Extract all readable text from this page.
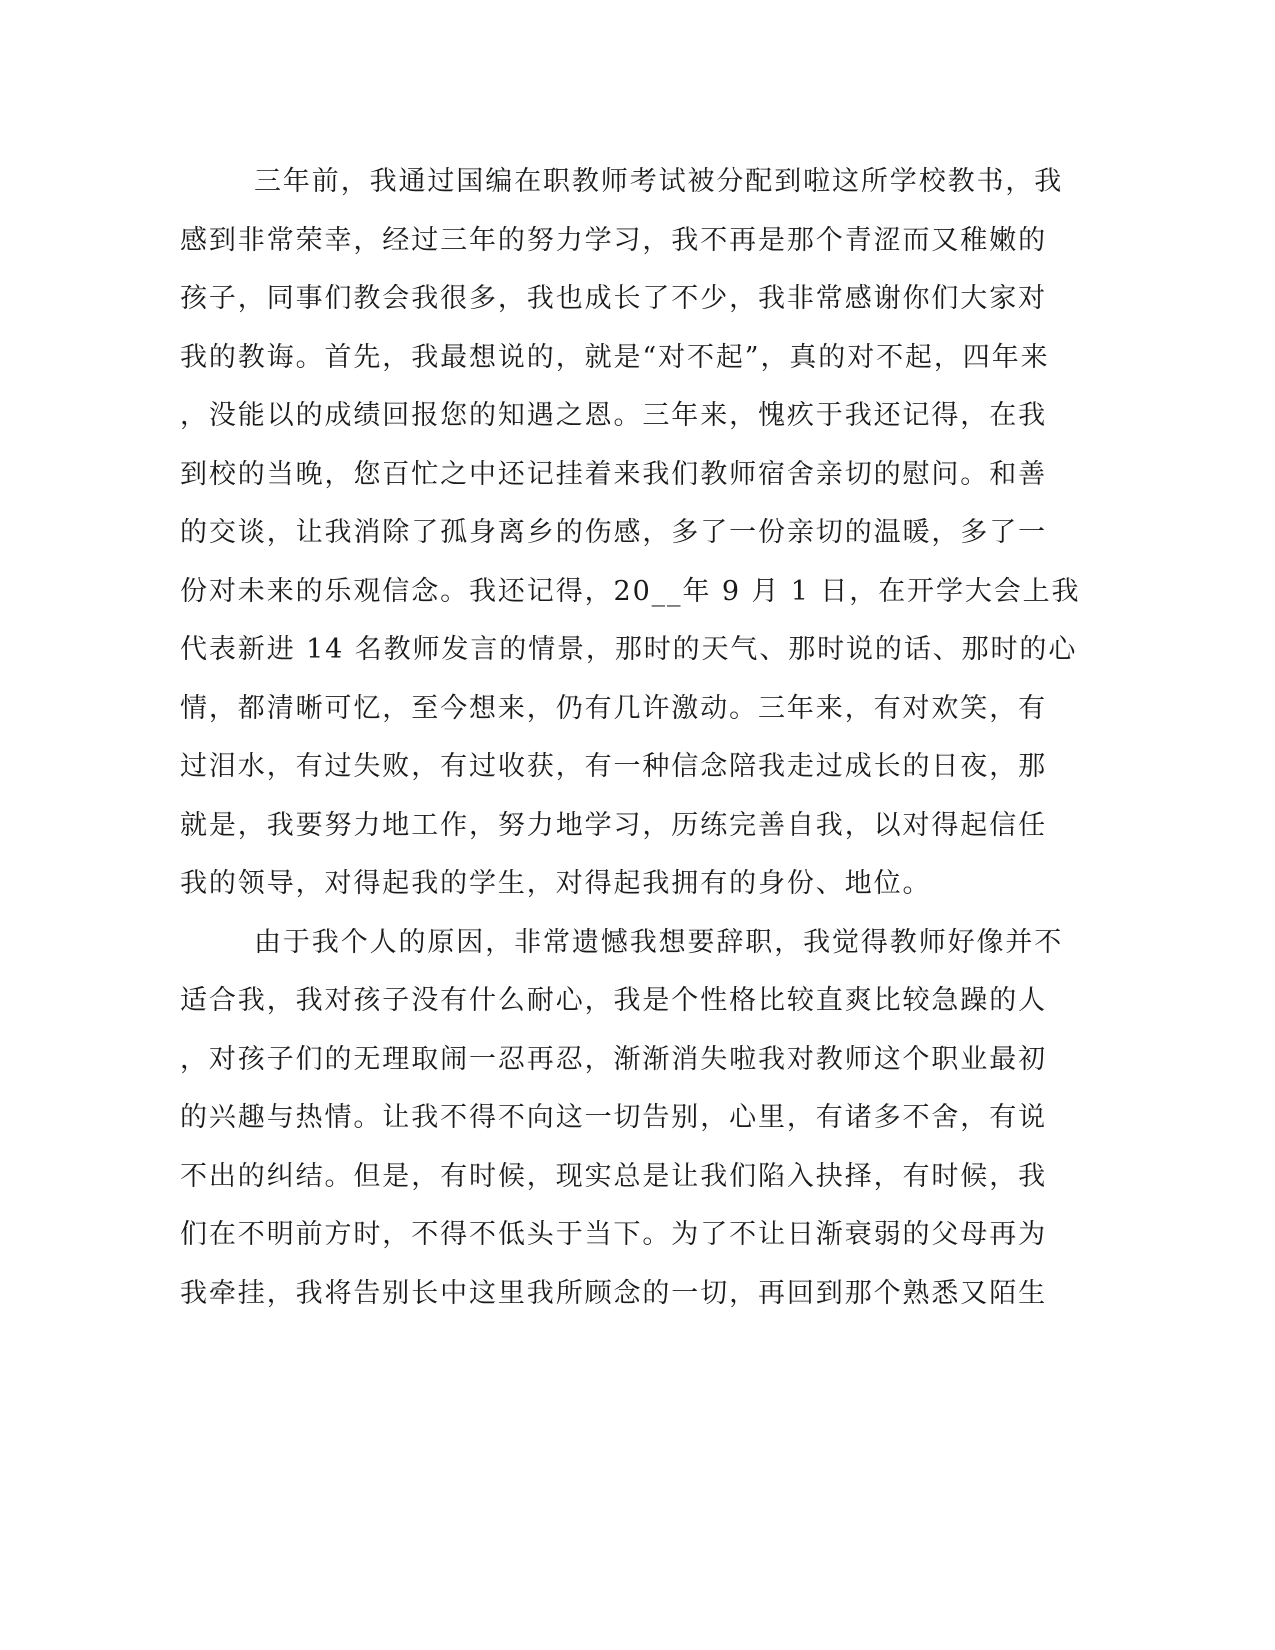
三年前，我通过国编在职教师考试被分配到啦这所学校教书，我
感到非常荣幸，经过三年的努力学习，我不再是那个青涩而又稚嫩的
孩子，同事们教会我很多，我也成长了不少，我非常感谢你们大家对
我的教诲。首先，我最想说的，就是“对不起”，真的对不起，四年来
，没能以的成绩回报您的知遇之恩。三年来，愧疚于我还记得，在我
到校的当晚，您百忙之中还记挂着来我们教师宿舍亲切的慰问。和善
的交谈，让我消除了孤身离乡的伤感，多了一份亲切的温暖，多了一
份对未来的乐观信念。我还记得，20__年 9 月 1 日，在开学大会上我
代表新进 14 名教师发言的情景，那时的天气、那时说的话、那时的心
情，都清晰可忆，至今想来，仍有几许激动。三年来，有对欢笑，有
过泪水，有过失败，有过收获，有一种信念陪我走过成长的日夜，那
就是，我要努力地工作，努力地学习，历练完善自我，以对得起信任
我的领导，对得起我的学生，对得起我拥有的身份、地位。
由于我个人的原因，非常遗憾我想要辞职，我觉得教师好像并不
适合我，我对孩子没有什么耐心，我是个性格比较直爽比较急躁的人
，对孩子们的无理取闹一忍再忍，渐渐消失啦我对教师这个职业最初
的兴趣与热情。让我不得不向这一切告别，心里，有诸多不舍，有说
不出的纠结。但是，有时候，现实总是让我们陷入抉择，有时候，我
们在不明前方时，不得不低头于当下。为了不让日渐衰弱的父母再为
我牵挂，我将告别长中这里我所顾念的一切，再回到那个熟悉又陌生
